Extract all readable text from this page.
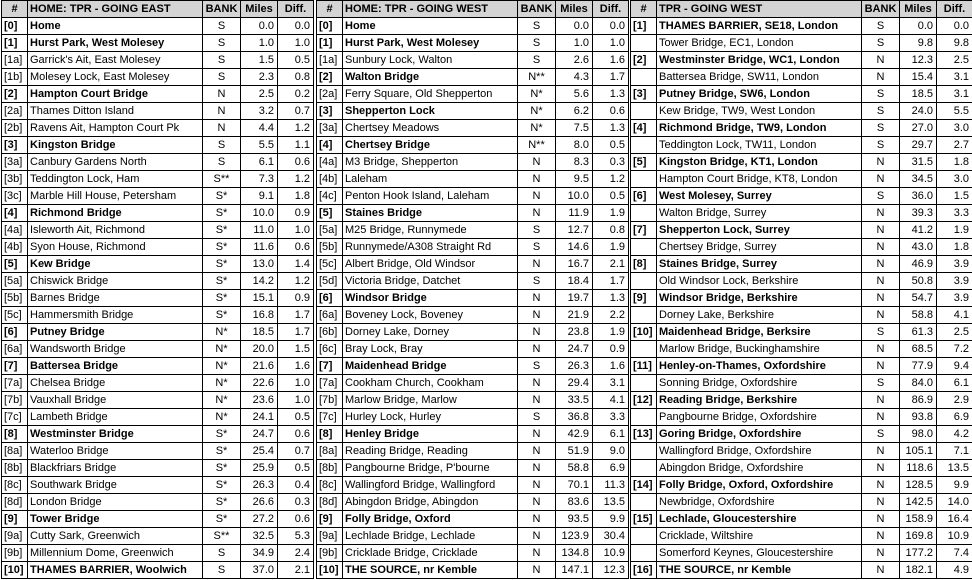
#	HOME: TPR - GOING EAST	BANK	Miles	Diff.
[0]	Home	S	0.0	0.0
[1]	Hurst Park, West Molesey	S	1.0	1.0
[1a]	Garrick's Ait, East Molesey	S	1.5	0.5
[1b]	Molesey Lock, East Molesey	S	2.3	0.8
[2]	Hampton Court Bridge	N	2.5	0.2
[2a]	Thames Ditton Island	N	3.2	0.7
[2b]	Ravens Ait, Hampton Court Pk	N	4.4	1.2
[3]	Kingston Bridge	S	5.5	1.1
[3a]	Canbury Gardens North	S	6.1	0.6
[3b]	Teddington Lock, Ham	S**	7.3	1.2
[3c]	Marble Hill House, Petersham	S*	9.1	1.8
[4]	Richmond Bridge	S*	10.0	0.9
[4a]	Isleworth Ait, Richmond	S*	11.0	1.0
[4b]	Syon House, Richmond	S*	11.6	0.6
[5]	Kew Bridge	S*	13.0	1.4
[5a]	Chiswick Bridge	S*	14.2	1.2
[5b]	Barnes Bridge	S*	15.1	0.9
[5c]	Hammersmith Bridge	S*	16.8	1.7
[6]	Putney Bridge	N*	18.5	1.7
[6a]	Wandsworth Bridge	N*	20.0	1.5
[7]	Battersea Bridge	N*	21.6	1.6
[7a]	Chelsea Bridge	N*	22.6	1.0
[7b]	Vauxhall Bridge	N*	23.6	1.0
[7c]	Lambeth Bridge	N*	24.1	0.5
[8]	Westminster Bridge	S*	24.7	0.6
[8a]	Waterloo Bridge	S*	25.4	0.7
[8b]	Blackfriars Bridge	S*	25.9	0.5
[8c]	Southwark Bridge	S*	26.3	0.4
[8d]	London Bridge	S*	26.6	0.3
[9]	Tower Bridge	S*	27.2	0.6
[9a]	Cutty Sark, Greenwich	S**	32.5	5.3
[9b]	Millennium Dome, Greenwich	S	34.9	2.4
[10]	THAMES BARRIER, Woolwich	S	37.0	2.1
#	HOME: TPR - GOING WEST	BANK	Miles	Diff.
[0]	Home	S	0.0	0.0
[1]	Hurst Park, West Molesey	S	1.0	1.0
[1a]	Sunbury Lock, Walton	S	2.6	1.6
[2]	Walton Bridge	N**	4.3	1.7
[2a]	Ferry Square, Old Shepperton	N*	5.6	1.3
[3]	Shepperton Lock	N*	6.2	0.6
[3a]	Chertsey Meadows	N*	7.5	1.3
[4]	Chertsey Bridge	N**	8.0	0.5
[4a]	M3 Bridge, Shepperton	N	8.3	0.3
[4b]	Laleham	N	9.5	1.2
[4c]	Penton Hook Island, Laleham	N	10.0	0.5
[5]	Staines Bridge	N	11.9	1.9
[5a]	M25 Bridge, Runnymede	S	12.7	0.8
[5b]	Runnymede/A308 Straight Rd	S	14.6	1.9
[5c]	Albert Bridge, Old Windsor	N	16.7	2.1
[5d]	Victoria Bridge, Datchet	S	18.4	1.7
[6]	Windsor Bridge	N	19.7	1.3
[6a]	Boveney Lock, Boveney	N	21.9	2.2
[6b]	Dorney Lake, Dorney	N	23.8	1.9
[6c]	Bray Lock, Bray	N	24.7	0.9
[7]	Maidenhead Bridge	S	26.3	1.6
[7a]	Cookham Church, Cookham	N	29.4	3.1
[7b]	Marlow Bridge, Marlow	N	33.5	4.1
[7c]	Hurley Lock, Hurley	S	36.8	3.3
[8]	Henley Bridge	N	42.9	6.1
[8a]	Reading Bridge, Reading	N	51.9	9.0
[8b]	Pangbourne Bridge, P'bourne	N	58.8	6.9
[8c]	Wallingford Bridge, Wallingford	N	70.1	11.3
[8d]	Abingdon Bridge, Abingdon	N	83.6	13.5
[9]	Folly Bridge, Oxford	N	93.5	9.9
[9a]	Lechlade Bridge, Lechlade	N	123.9	30.4
[9b]	Cricklade Bridge, Cricklade	N	134.8	10.9
[10]	THE SOURCE, nr Kemble	N	147.1	12.3
#	TPR - GOING WEST	BANK	Miles	Diff.
[1]	THAMES BARRIER, SE18, London	S	0.0	0.0
	Tower Bridge, EC1, London	S	9.8	9.8
[2]	Westminster Bridge, WC1, London	N	12.3	2.5
	Battersea Bridge, SW11, London	N	15.4	3.1
[3]	Putney Bridge, SW6, London	S	18.5	3.1
	Kew Bridge, TW9, West London	S	24.0	5.5
[4]	Richmond Bridge, TW9, London	S	27.0	3.0
	Teddington Lock, TW11, London	S	29.7	2.7
[5]	Kingston Bridge, KT1, London	N	31.5	1.8
	Hampton Court Bridge, KT8, London	N	34.5	3.0
[6]	West Molesey, Surrey	S	36.0	1.5
	Walton Bridge, Surrey	N	39.3	3.3
[7]	Shepperton Lock, Surrey	N	41.2	1.9
	Chertsey Bridge, Surrey	N	43.0	1.8
[8]	Staines Bridge, Surrey	N	46.9	3.9
	Old Windsor Lock, Berkshire	N	50.8	3.9
[9]	Windsor Bridge, Berkshire	N	54.7	3.9
	Dorney Lake, Berkshire	N	58.8	4.1
[10]	Maidenhead Bridge, Berksire	S	61.3	2.5
	Marlow Bridge, Buckinghamshire	N	68.5	7.2
[11]	Henley-on-Thames, Oxfordshire	N	77.9	9.4
	Sonning Bridge, Oxfordshire	S	84.0	6.1
[12]	Reading Bridge, Berkshire	N	86.9	2.9
	Pangbourne Bridge, Oxfordshire	N	93.8	6.9
[13]	Goring Bridge, Oxfordshire	S	98.0	4.2
	Wallingford Bridge, Oxfordshire	N	105.1	7.1
	Abingdon Bridge, Oxfordshire	N	118.6	13.5
[14]	Folly Bridge, Oxford, Oxfordshire	N	128.5	9.9
	Newbridge, Oxfordshire	N	142.5	14.0
[15]	Lechlade, Gloucestershire	N	158.9	16.4
	Cricklade, Wiltshire	N	169.8	10.9
	Somerford Keynes, Gloucestershire	N	177.2	7.4
[16]	THE SOURCE, nr Kemble	N	182.1	4.9
